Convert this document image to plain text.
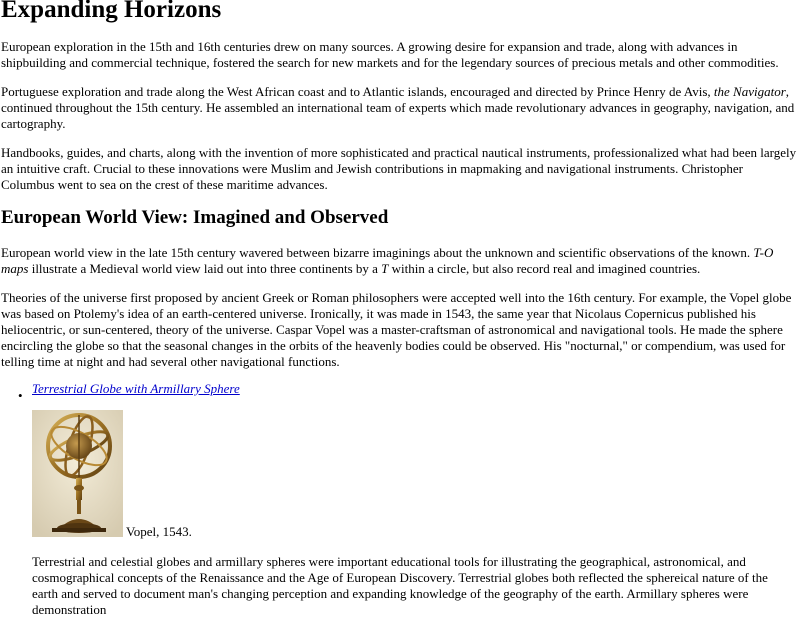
Expanding Horizons

European exploration in the 15th and 16th centuries drew on many sources. A growing desire for expansion and trade, along with advances in shipbuilding and commercial technique, fostered the search for new markets and for the legendary sources of precious metals and other commodities.

Portuguese exploration and trade along the West African coast and to Atlantic islands, encouraged and directed by Prince Henry de Avis, the Navigator, continued throughout the 15th century. He assembled an international team of experts which made revolutionary advances in geography, navigation, and cartography.

Handbooks, guides, and charts, along with the invention of more sophisticated and practical nautical instruments, professionalized what had been largely an intuitive craft. Crucial to these innovations were Muslim and Jewish contributions in mapmaking and navigational instruments. Christopher Columbus went to sea on the crest of these maritime advances.

European World View: Imagined and Observed

European world view in the late 15th century wavered between bizarre imaginings about the unknown and scientific observations of the known. T-O maps illustrate a Medieval world view laid out into three continents by a T within a circle, but also record real and imagined countries.

Theories of the universe first proposed by ancient Greek or Roman philosophers were accepted well into the 16th century. For example, the Vopel globe was based on Ptolemy's idea of an earth-centered universe. Ironically, it was made in 1543, the same year that Nicolaus Copernicus published his heliocentric, or sun-centered, theory of the universe. Caspar Vopel was a master-craftsman of astronomical and navigational tools. He made the sphere encircling the globe so that the seasonal changes in the orbits of the heavenly bodies could be observed. His "nocturnal," or compendium, was used for telling time at night and had several other navigational functions.

• Terrestrial Globe with Armillary Sphere
Vopel, 1543.

Terrestrial and celestial globes and armillary spheres were important educational tools for illustrating the geographical, astronomical, and cosmographical concepts of the Renaissance and the Age of European Discovery. Terrestrial globes both reflected the sphereical nature of the earth and served to document man's changing perception and expanding knowledge of the geography of the earth. Armillary spheres were demonstration
